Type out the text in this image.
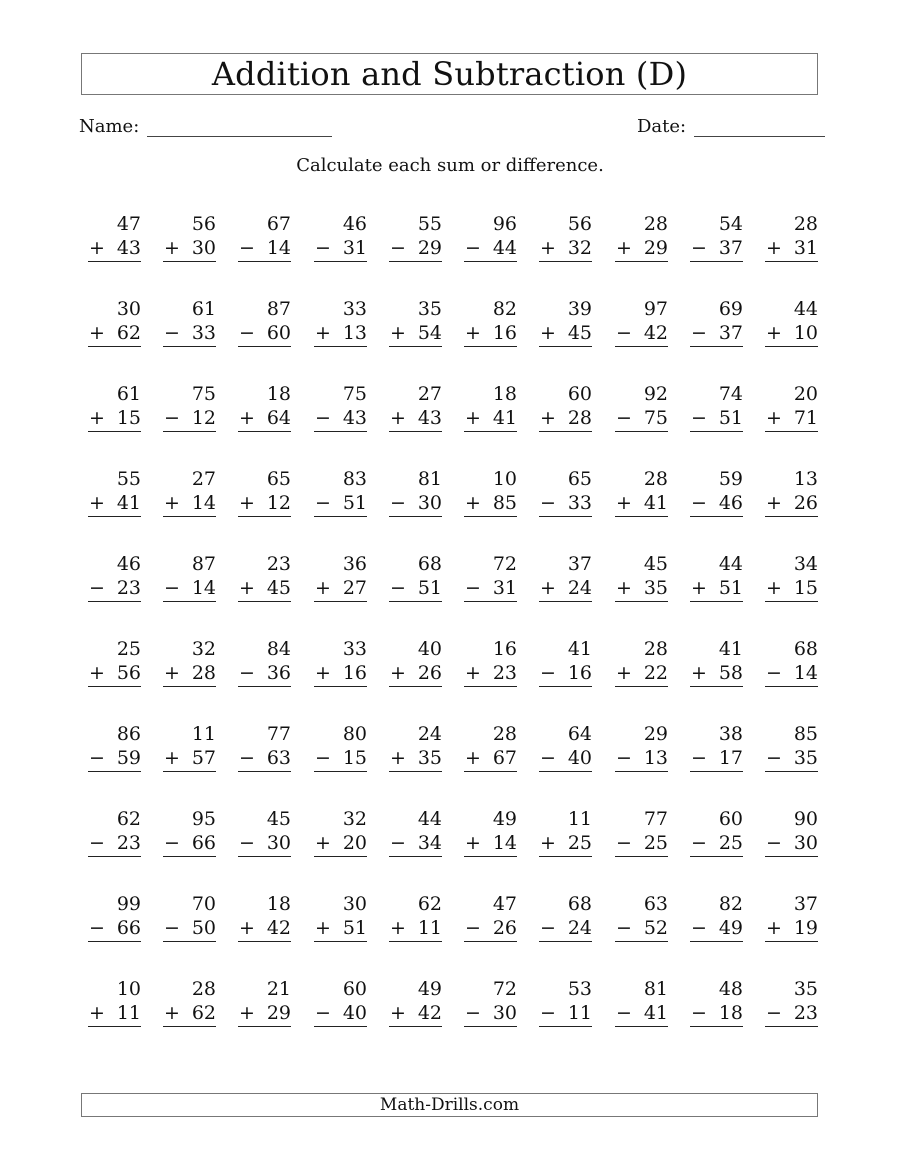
Addition and Subtraction (D)
Name:	Date:
Calculate each sum or difference.
47
+ 43
56
+ 30
67
− 14
46
− 31
55
− 29
96
− 44
56
+ 32
28
+ 29
54
− 37
28
+ 31
30
+ 62
61
− 33
87
− 60
33
+ 13
35
+ 54
82
+ 16
39
+ 45
97
− 42
69
− 37
44
+ 10
61
+ 15
75
− 12
18
+ 64
75
− 43
27
+ 43
18
+ 41
60
+ 28
92
− 75
74
− 51
20
+ 71
55
+ 41
27
+ 14
65
+ 12
83
− 51
81
− 30
10
+ 85
65
− 33
28
+ 41
59
− 46
13
+ 26
46
− 23
87
− 14
23
+ 45
36
+ 27
68
− 51
72
− 31
37
+ 24
45
+ 35
44
+ 51
34
+ 15
25
+ 56
32
+ 28
84
− 36
33
+ 16
40
+ 26
16
+ 23
41
− 16
28
+ 22
41
+ 58
68
− 14
86
− 59
11
+ 57
77
− 63
80
− 15
24
+ 35
28
+ 67
64
− 40
29
− 13
38
− 17
85
− 35
62
− 23
95
− 66
45
− 30
32
+ 20
44
− 34
49
+ 14
11
+ 25
77
− 25
60
− 25
90
− 30
99
− 66
70
− 50
18
+ 42
30
+ 51
62
+ 11
47
− 26
68
− 24
63
− 52
82
− 49
37
+ 19
10
+ 11
28
+ 62
21
+ 29
60
− 40
49
+ 42
72
− 30
53
− 11
81
− 41
48
− 18
35
− 23
Math-Drills.com
